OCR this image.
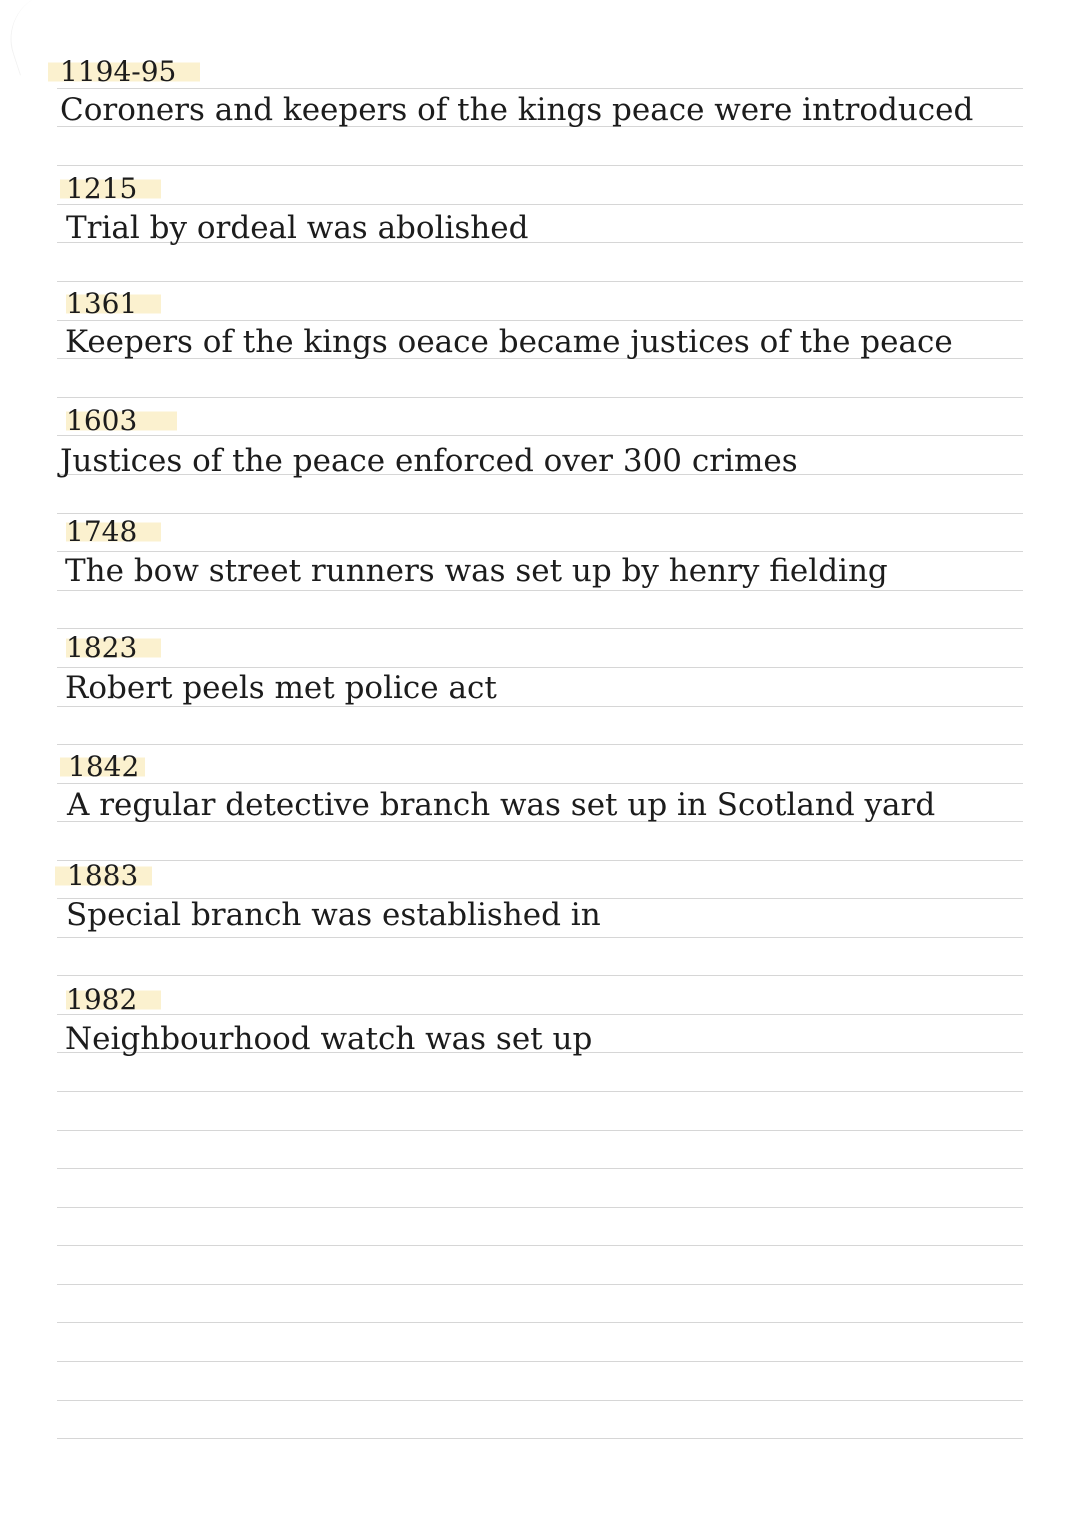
1194-95
Coroners and keepers of the kings peace were introduced
1215
Trial by ordeal was abolished
1361
Keepers of the kings oeace became justices of the peace
1603
Justices of the peace enforced over 300 crimes
1748
The bow street runners was set up by henry fielding
1823
Robert peels met police act
1842
A regular detective branch was set up in Scotland yard
1883
Special branch was established in
1982
Neighbourhood watch was set up
